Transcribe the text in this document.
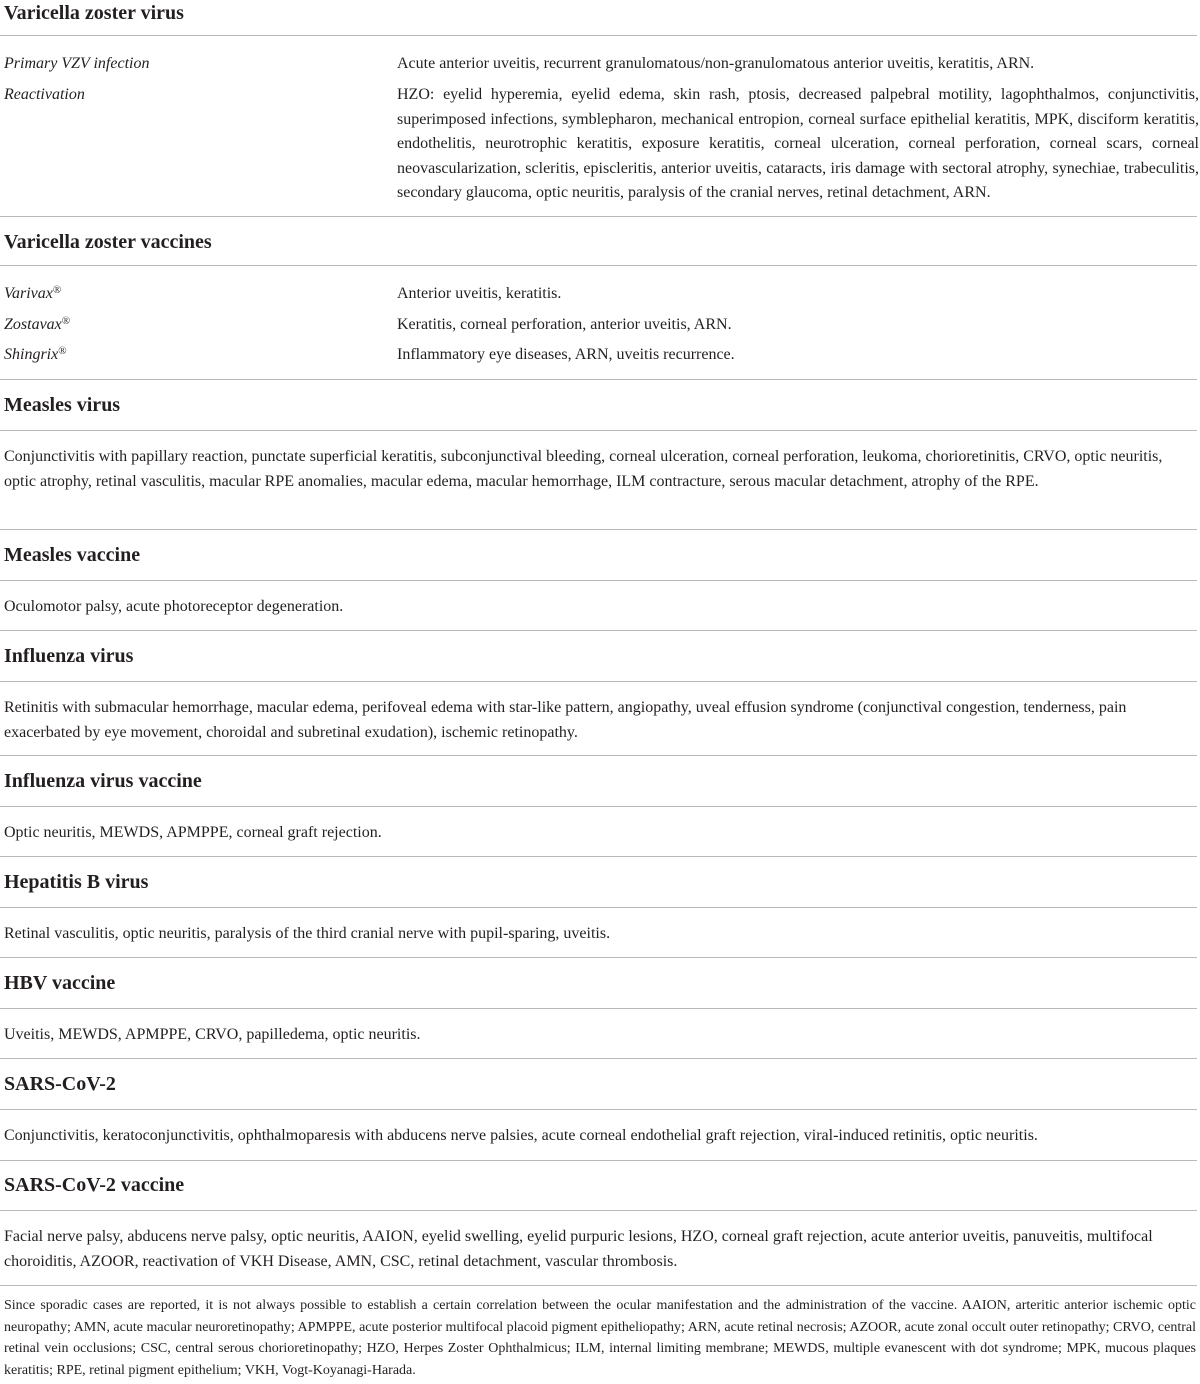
Varicella zoster virus
Primary VZV infection	Acute anterior uveitis, recurrent granulomatous/non-granulomatous anterior uveitis, keratitis, ARN.
Reactivation	HZO: eyelid hyperemia, eyelid edema, skin rash, ptosis, decreased palpebral motility, lagophthalmos, conjunctivitis, superimposed infections, symblepharon, mechanical entropion, corneal surface epithelial keratitis, MPK, disciform keratitis, endothelitis, neurotrophic keratitis, exposure keratitis, corneal ulceration, corneal perforation, corneal scars, corneal neovascularization, scleritis, episcleritis, anterior uveitis, cataracts, iris damage with sectoral atrophy, synechiae, trabeculitis, secondary glaucoma, optic neuritis, paralysis of the cranial nerves, retinal detachment, ARN.
Varicella zoster vaccines
Varivax®	Anterior uveitis, keratitis.
Zostavax®	Keratitis, corneal perforation, anterior uveitis, ARN.
Shingrix®	Inflammatory eye diseases, ARN, uveitis recurrence.
Measles virus
Conjunctivitis with papillary reaction, punctate superficial keratitis, subconjunctival bleeding, corneal ulceration, corneal perforation, leukoma, chorioretinitis, CRVO, optic neuritis, optic atrophy, retinal vasculitis, macular RPE anomalies, macular edema, macular hemorrhage, ILM contracture, serous macular detachment, atrophy of the RPE.
Measles vaccine
Oculomotor palsy, acute photoreceptor degeneration.
Influenza virus
Retinitis with submacular hemorrhage, macular edema, perifoveal edema with star-like pattern, angiopathy, uveal effusion syndrome (conjunctival congestion, tenderness, pain exacerbated by eye movement, choroidal and subretinal exudation), ischemic retinopathy.
Influenza virus vaccine
Optic neuritis, MEWDS, APMPPE, corneal graft rejection.
Hepatitis B virus
Retinal vasculitis, optic neuritis, paralysis of the third cranial nerve with pupil-sparing, uveitis.
HBV vaccine
Uveitis, MEWDS, APMPPE, CRVO, papilledema, optic neuritis.
SARS-CoV-2
Conjunctivitis, keratoconjunctivitis, ophthalmoparesis with abducens nerve palsies, acute corneal endothelial graft rejection, viral-induced retinitis, optic neuritis.
SARS-CoV-2 vaccine
Facial nerve palsy, abducens nerve palsy, optic neuritis, AAION, eyelid swelling, eyelid purpuric lesions, HZO, corneal graft rejection, acute anterior uveitis, panuveitis, multifocal choroiditis, AZOOR, reactivation of VKH Disease, AMN, CSC, retinal detachment, vascular thrombosis.
Since sporadic cases are reported, it is not always possible to establish a certain correlation between the ocular manifestation and the administration of the vaccine. AAION, arteritic anterior ischemic optic neuropathy; AMN, acute macular neuroretinopathy; APMPPE, acute posterior multifocal placoid pigment epitheliopathy; ARN, acute retinal necrosis; AZOOR, acute zonal occult outer retinopathy; CRVO, central retinal vein occlusions; CSC, central serous chorioretinopathy; HZO, Herpes Zoster Ophthalmicus; ILM, internal limiting membrane; MEWDS, multiple evanescent with dot syndrome; MPK, mucous plaques keratitis; RPE, retinal pigment epithelium; VKH, Vogt-Koyanagi-Harada.
